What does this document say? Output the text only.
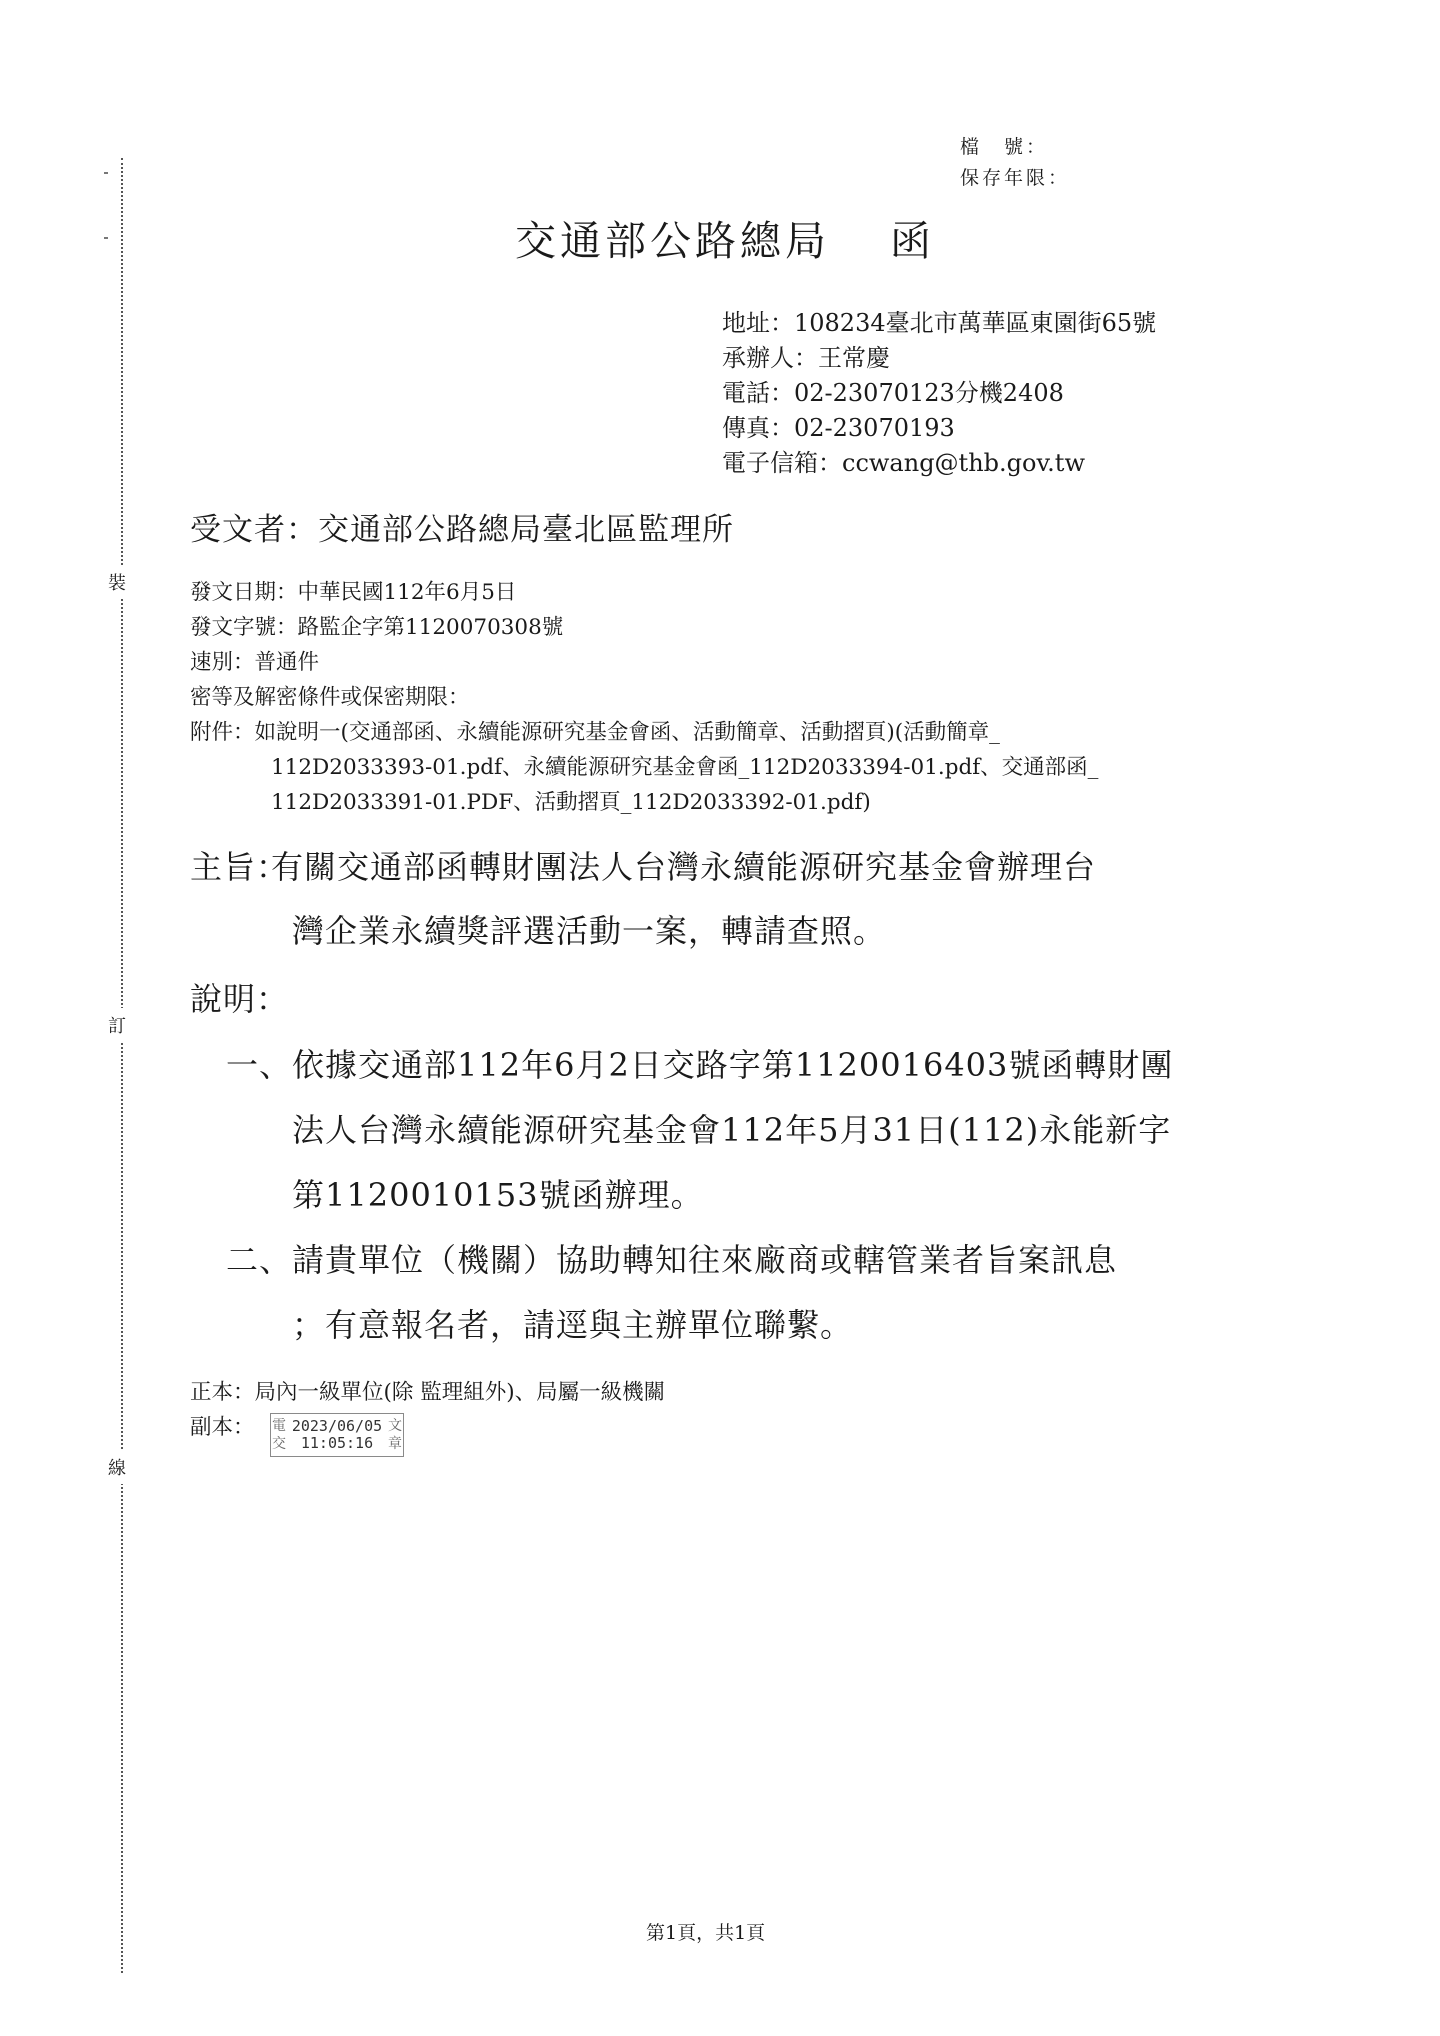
裝
訂
線
檔　號：
保存年限：
交通部公路總局 函
地址：108234臺北市萬華區東園街65號
承辦人：王常慶
電話：02-23070123分機2408
傳真：02-23070193
電子信箱：ccwang@thb.gov.tw
受文者：交通部公路總局臺北區監理所
發文日期：中華民國112年6月5日
發文字號：路監企字第1120070308號
速別：普通件
密等及解密條件或保密期限：
附件：如說明一(交通部函、永續能源研究基金會函、活動簡章、活動摺頁)(活動簡章_
112D2033393-01.pdf、永續能源研究基金會函_112D2033394-01.pdf、交通部函_
112D2033391-01.PDF、活動摺頁_112D2033392-01.pdf)
主旨：
有關交通部函轉財團法人台灣永續能源研究基金會辦理台
灣企業永續獎評選活動一案，轉請查照。
說明：
一、 依據交通部112年6月2日交路字第1120016403號函轉財團
法人台灣永續能源研究基金會112年5月31日(112)永能新字
第1120010153號函辦理。
二、 請貴單位（機關）協助轉知往來廠商或轄管業者旨案訊息
；有意報名者，請逕與主辦單位聯繫。
正本：局內一級單位(除 監理組外)、局屬一級機關
副本： 電
交
2023/06/05
11:05:16
文
章
第1頁，共1頁
